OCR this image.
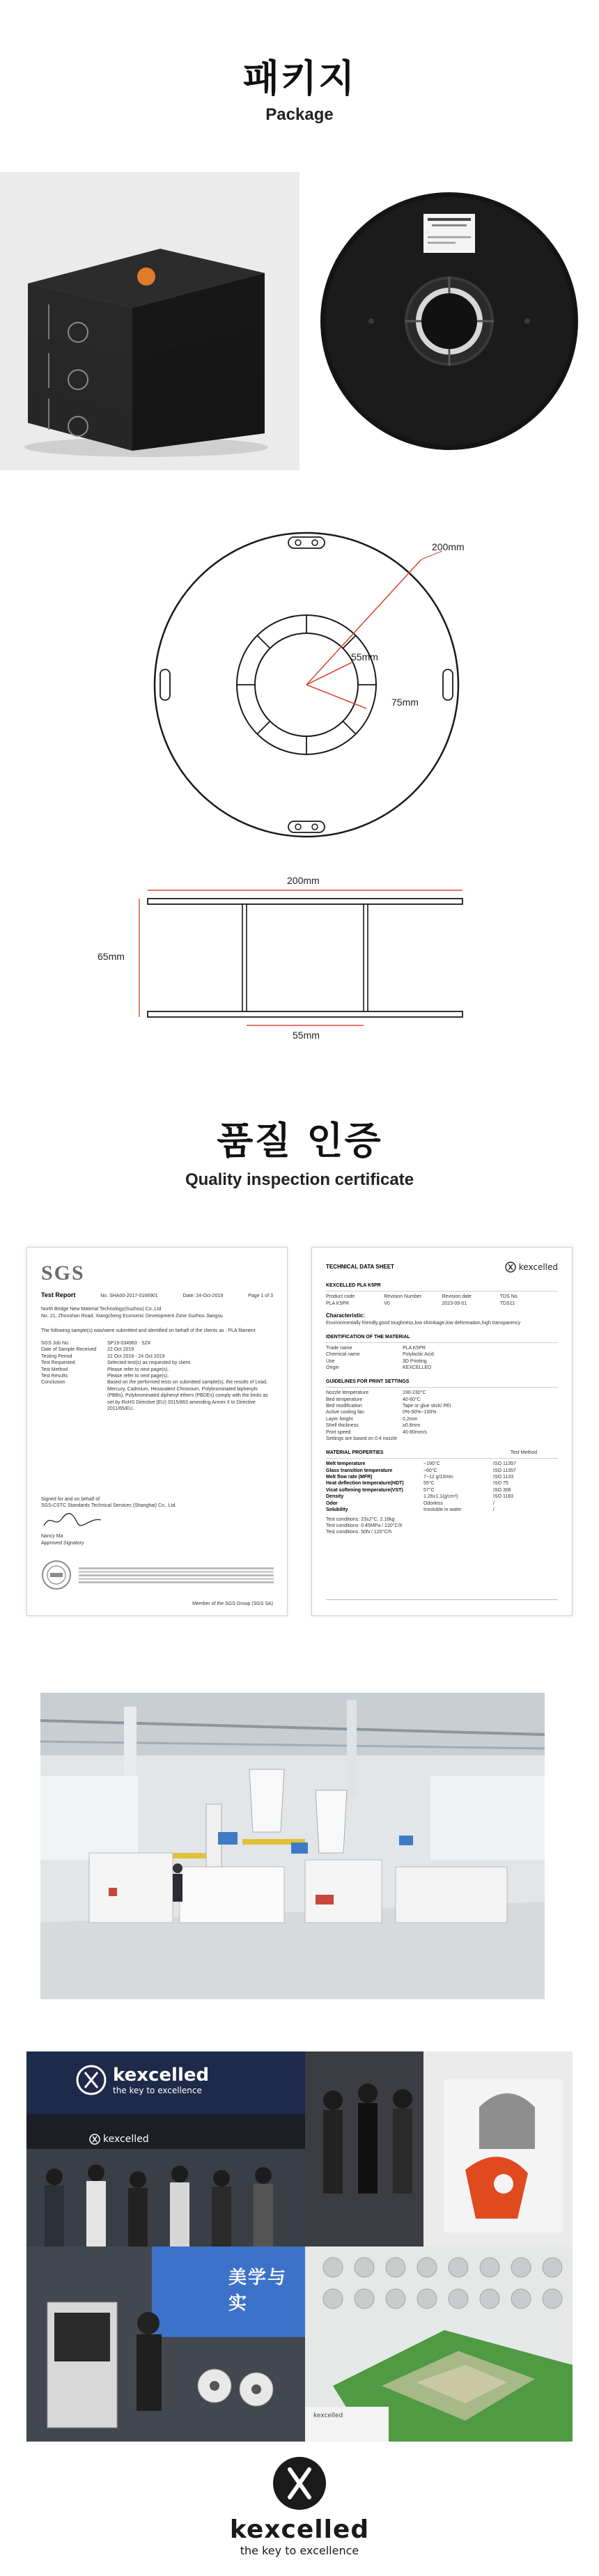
패키지
Package
200mm
55mm
75mm
200mm
65mm
55mm
품질 인증
Quality inspection certificate
SGS
Test Report	No. SHA00-2017-0166901	Date: 24-Oct-2019	Page 1 of 3
North Bridge New Material Technology(Suzhou) Co.,Ltd
No. 21, Zhoushan Road, Xiangcheng Economic Development Zone Suzhou Jiangsu
The following sample(s) was/were submitted and identified on behalf of the clients as : PLA filament
SGS Job No.	SP19-034963 - SZ#
Date of Sample Received	22 Oct 2019
Testing Period	22 Oct 2019 - 24 Oct 2019
Test Requested	Selected test(s) as requested by client.
Test Method	Please refer to next page(s).
Test Results	Please refer to next page(s).
Conclusion	Based on the performed tests on submitted sample(s), the results of Lead, Mercury, Cadmium, Hexavalent Chromium, Polybrominated biphenyls (PBBs), Polybrominated diphenyl ethers (PBDEs) comply with the limits as set by RoHS Directive (EU) 2015/863 amending Annex II to Directive 2011/65/EU.
Signed for and on behalf of
SGS-CSTC Standards Technical Services (Shanghai) Co., Ltd.
Nancy Ma
Approved Signatory
Member of the SGS Group (SGS SA)
TECHNICAL DATA SHEET	kexcelled
KEXCELLED PLA K5PR
Product code	Revision Number	Revision date	TDS No.
PLA K5PR	V0	2023-09-01	TDS11
Characteristic:
Environmentally friendly,good toughness,low shrinkage,low deformation,high transparency
IDENTIFICATION OF THE MATERIAL
Trade name	PLA K5PR
Chemical name	Polylactic Acid
Use	3D Printing
Origin	KEXCELLED
GUIDELINES FOR PRINT SETTINGS
Nozzle temperature	190-230°C
Bed temperature	40-60°C
Bed modification	Tape or glue stick/ PEI
Active cooling fan	0%-50%~100%
Layer height	0.2mm
Shell thickness	≥0.8mm
Print speed	40-80mm/s
Settings are based on 0.4 nozzle
MATERIAL PROPERTIES	Test Method
Melt temperature	~190°C	ISO 11357
Glass transition temperature	~60°C	ISO 11357
Melt flow rate (MFR)	7~12 g/10min	ISO 1133
Heat deflection temperature(HDT)	55°C	ISO 75
Vicat softening temperature(VST)	57°C	ISO 306
Density	1.26±1.1(g/cm³)	ISO 1183
Odor	Odorless	/
Solubility	Insoluble in water	/
Test conditions: 23±2°C, 2.16kg
Test conditions: 0.45MPa / 120°C/h
Test conditions: 50N / 120°C/h
kexcelled
the key to excellence
kexcelled
美学与实
kexcelled
kexcelled
the key to excellence
